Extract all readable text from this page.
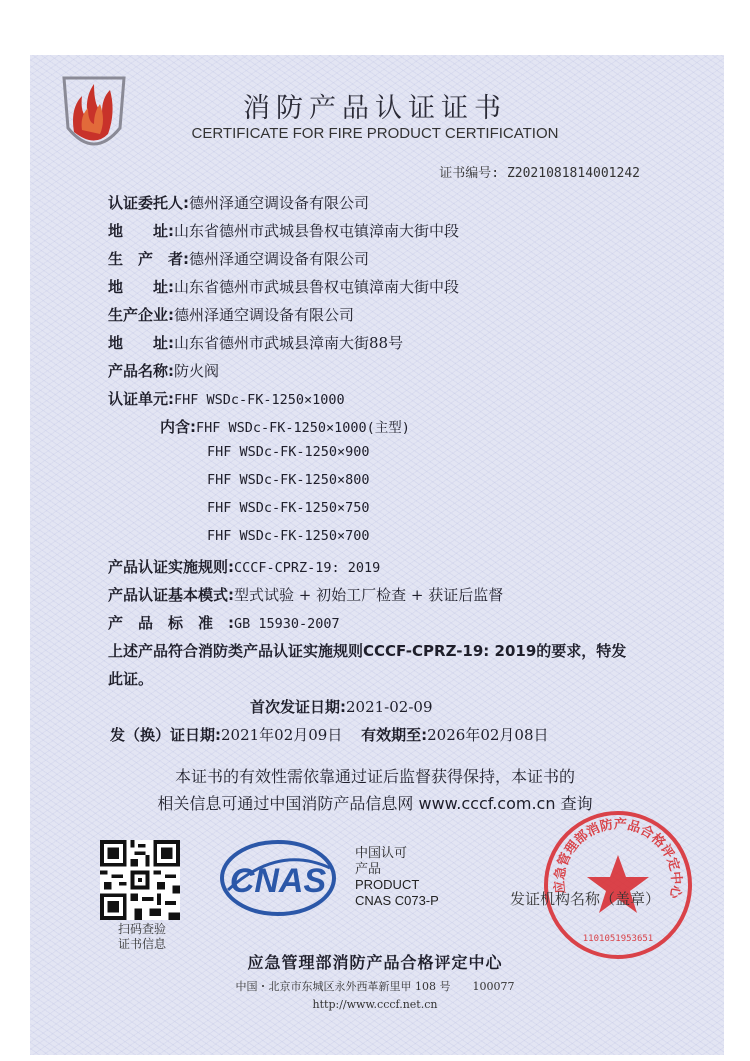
消防产品认证证书
CERTIFICATE FOR FIRE PRODUCT CERTIFICATION
证书编号: Z2021081814001242
认证委托人:德州泽通空调设备有限公司
地　　址:山东省德州市武城县鲁权屯镇漳南大街中段
生　产　者:德州泽通空调设备有限公司
地　　址:山东省德州市武城县鲁权屯镇漳南大街中段
生产企业:德州泽通空调设备有限公司
地　　址:山东省德州市武城县漳南大街88号
产品名称:防火阀
认证单元:FHF WSDc-FK-1250×1000
内含:FHF WSDc-FK-1250×1000(主型)
FHF WSDc-FK-1250×900
FHF WSDc-FK-1250×800
FHF WSDc-FK-1250×750
FHF WSDc-FK-1250×700
产品认证实施规则:CCCF-CPRZ-19: 2019
产品认证基本模式:型式试验 + 初始工厂检查 + 获证后监督
产　品　标　准　:GB 15930-2007
上述产品符合消防类产品认证实施规则CCCF-CPRZ-19: 2019的要求，特发
此证。
首次发证日期:2021-02-09
发（换）证日期:2021年02月09日 有效期至:2026年02月08日
本证书的有效性需依靠通过证后监督获得保持，本证书的
相关信息可通过中国消防产品信息网 www.cccf.com.cn 查询
扫码查验
证书信息
CNAS
中国认可
产品
PRODUCT
CNAS C073-P
应急管理部消防产品合格评定中心
1101051953651
发证机构名称（盖章）
应急管理部消防产品合格评定中心
中国・北京市东城区永外西革新里甲 108 号　　100077
http://www.cccf.net.cn
